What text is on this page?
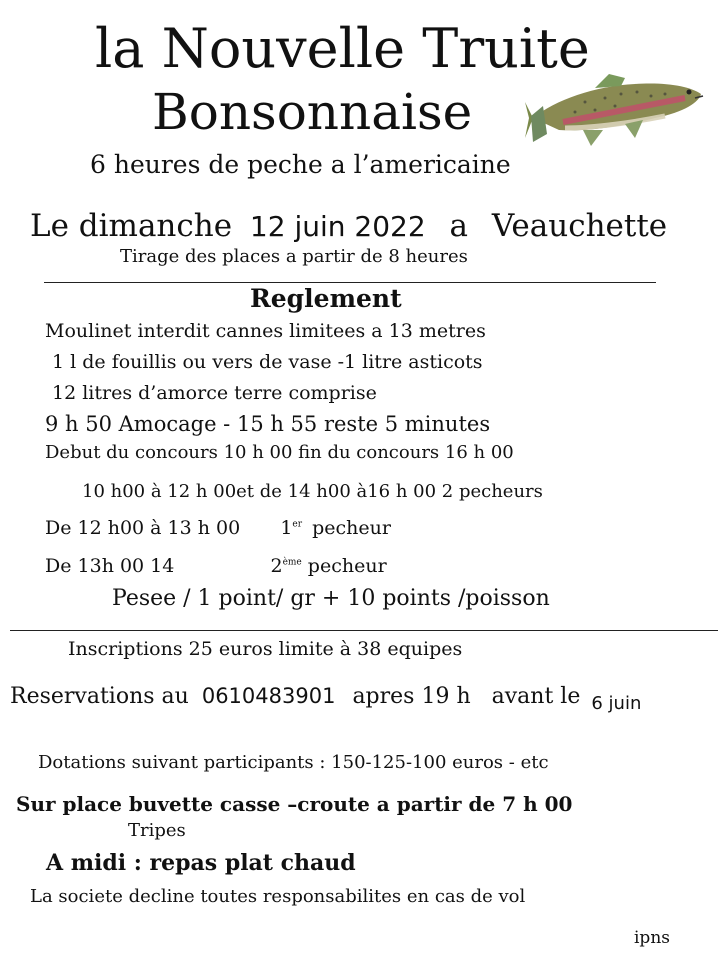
la Nouvelle Truite
Bonsonnaise
6 heures de peche a l’americaine
Le dimanche 12 juin 2022 a Veauchette
Tirage des places a partir de 8 heures
Reglement
Moulinet interdit cannes limitees a 13 metres
1 l de fouillis ou vers de vase -1 litre asticots
12 litres d’amorce terre comprise
9 h 50 Amocage - 15 h 55 reste 5 minutes
Debut du concours 10 h 00 fin du concours 16 h 00
10 h00 à 12 h 00et de 14 h00 à16 h 00 2 pecheurs
De 12 h00 à 13 h 00 1er pecheur
De 13h 00 14	2ème pecheur
Pesee / 1 point/ gr + 10 points /poisson
Inscriptions 25 euros limite à 38 equipes
Reservations au 0610483901 apres 19 h avant le $_{6 juin}$
Dotations suivant participants : 150-125-100 euros - etc
Sur place buvette casse –croute a partir de 7 h 00
Tripes
A midi : repas plat chaud
La societe decline toutes responsabilites en cas de vol
ipns
